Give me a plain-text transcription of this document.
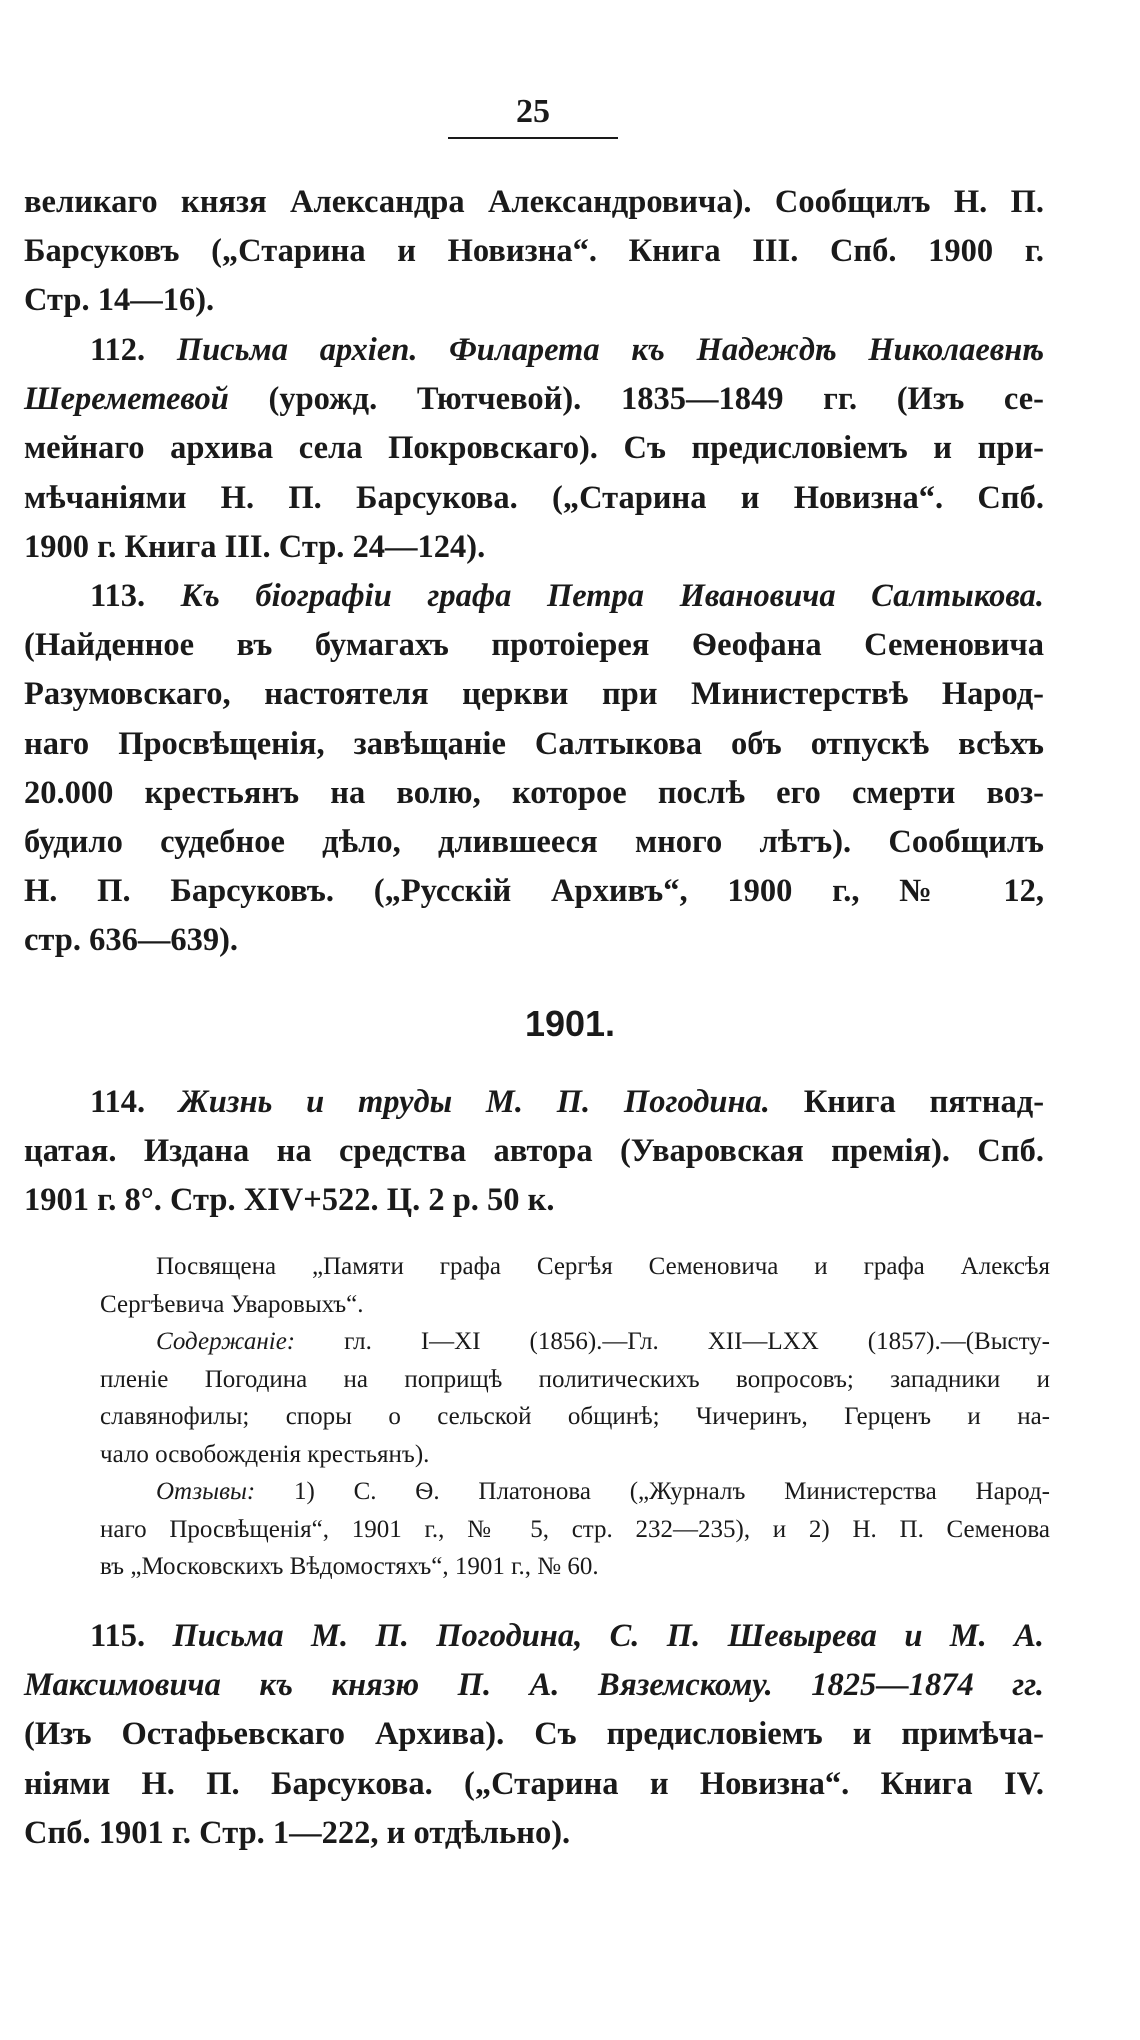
25
великаго князя Александра Александровича). Сообщилъ Н. П.
Барсуковъ („Старина и Новизна“. Книга III. Спб. 1900 г.
Стр. 14—16).
112. Письма архіеп. Филарета къ Надеждѣ Николаевнѣ
Шереметевой (урожд. Тютчевой). 1835—1849 гг. (Изъ се-
мейнаго архива села Покровскаго). Съ предисловіемъ и при-
мѣчаніями Н. П. Барсукова. („Старина и Новизна“. Спб.
1900 г. Книга III. Стр. 24—124).
113. Къ біографіи графа Петра Ивановича Салтыкова.
(Найденное въ бумагахъ протоіерея Ѳеофана Семеновича
Разумовскаго, настоятеля церкви при Министерствѣ Народ-
наго Просвѣщенія, завѣщаніе Салтыкова объ отпускѣ всѣхъ
20.000 крестьянъ на волю, которое послѣ его смерти воз-
будило судебное дѣло, длившееся много лѣтъ). Сообщилъ
Н. П. Барсуковъ. („Русскій Архивъ“, 1900 г., № 12,
стр. 636—639).
1901.
114. Жизнь и труды М. П. Погодина. Книга пятнад-
цатая. Издана на средства автора (Уваровская премія). Спб.
1901 г. 8°. Стр. XIV+522. Ц. 2 р. 50 к.
Посвящена „Памяти графа Сергѣя Семеновича и графа Алексѣя
Сергѣевича Уваровыхъ“.
Содержаніе: гл. I—XI (1856).—Гл. XII—LXX (1857).—(Высту-
пленіе Погодина на поприщѣ политическихъ вопросовъ; западники и
славянофилы; споры о сельской общинѣ; Чичеринъ, Герценъ и на-
чало освобожденія крестьянъ).
Отзывы: 1) С. Ѳ. Платонова („Журналъ Министерства Народ-
наго Просвѣщенія“, 1901 г., № 5, стр. 232—235), и 2) Н. П. Семенова
въ „Московскихъ Вѣдомостяхъ“, 1901 г., № 60.
115. Письма М. П. Погодина, С. П. Шевырева и М. А.
Максимовича къ князю П. А. Вяземскому. 1825—1874 гг.
(Изъ Остафьевскаго Архива). Съ предисловіемъ и примѣча-
ніями Н. П. Барсукова. („Старина и Новизна“. Книга IV.
Спб. 1901 г. Стр. 1—222, и отдѣльно).
